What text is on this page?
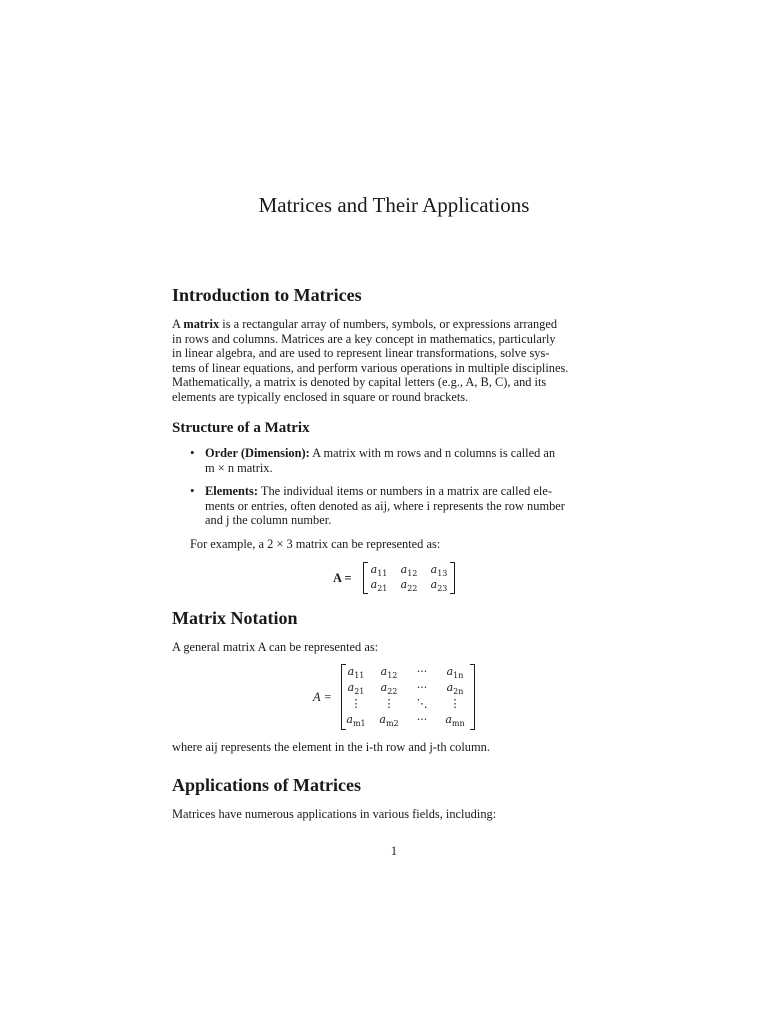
Matrices and Their Applications
Introduction to Matrices
A matrix is a rectangular array of numbers, symbols, or expressions arranged
in rows and columns. Matrices are a key concept in mathematics, particularly
in linear algebra, and are used to represent linear transformations, solve sys-
tems of linear equations, and perform various operations in multiple disciplines.
Mathematically, a matrix is denoted by capital letters (e.g., A, B, C), and its
elements are typically enclosed in square or round brackets.
Structure of a Matrix
• Order (Dimension): A matrix with m rows and n columns is called an
m × n matrix.
• Elements: The individual items or numbers in a matrix are called ele-
ments or entries, often denoted as aij, where i represents the row number
and j the column number.
For example, a 2 × 3 matrix can be represented as:
A =
$a_{11}$	$a_{12}$	$a_{13}$
$a_{21}$	$a_{22}$	$a_{23}$
Matrix Notation
A general matrix A can be represented as:
A =
$a_{11}$	$a_{12}$	···	$a_{1n}$
$a_{21}$	$a_{22}$	···	$a_{2n}$
⋮	⋮	⋱	⋮
$a_{m1}$	$a_{m2}$	···	$a_{mn}$
where aij represents the element in the i-th row and j-th column.
Applications of Matrices
Matrices have numerous applications in various fields, including:
1
